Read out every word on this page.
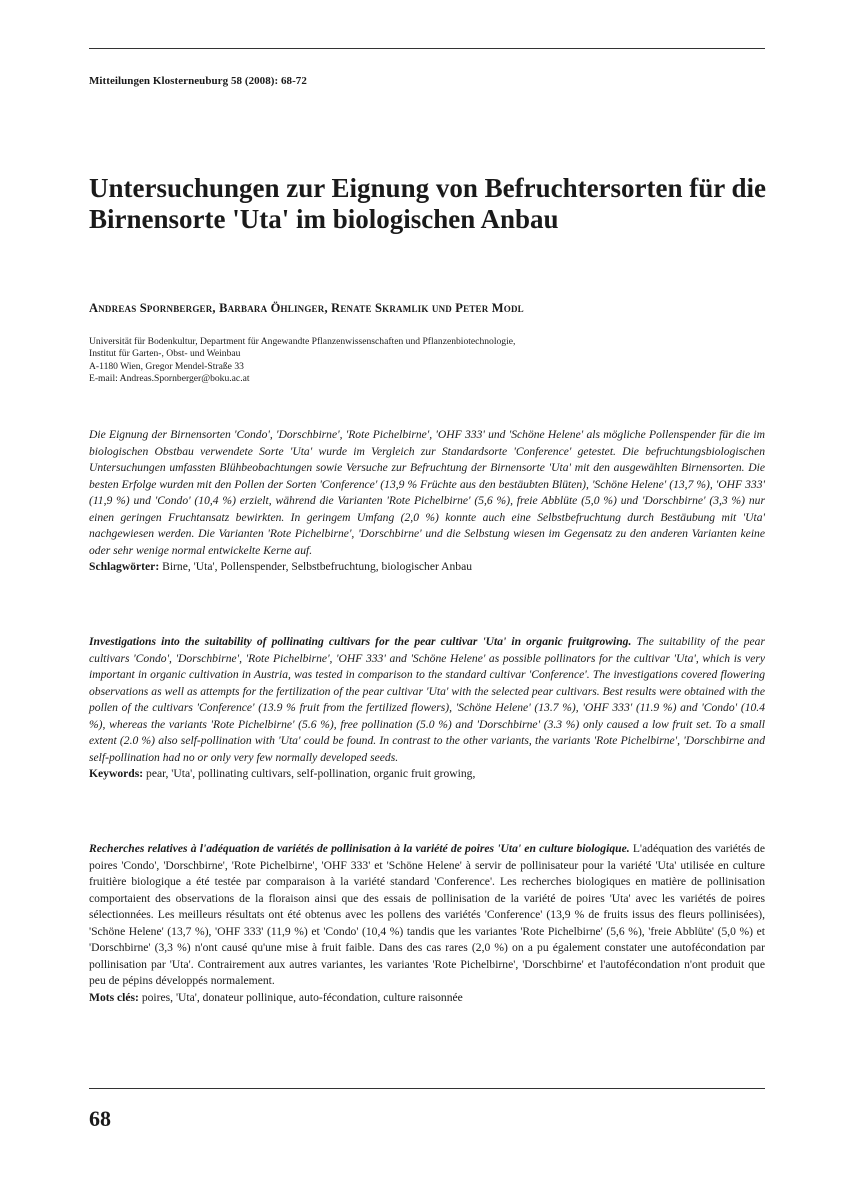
Mitteilungen Klosterneuburg 58 (2008): 68-72
Untersuchungen zur Eignung von Befruchtersorten für die Birnensorte 'Uta' im biologischen Anbau
Andreas Spornberger, Barbara Öhlinger, Renate Skramlik und Peter Modl
Universität für Bodenkultur, Department für Angewandte Pflanzenwissenschaften und Pflanzenbiotechnologie,
Institut für Garten-, Obst- und Weinbau
A-1180 Wien, Gregor Mendel-Straße 33
E-mail: Andreas.Spornberger@boku.ac.at

Die Eignung der Birnensorten 'Condo', 'Dorschbirne', 'Rote Pichelbirne', 'OHF 333' und 'Schöne Helene' als mögliche Pollenspender für die im biologischen Obstbau verwendete Sorte 'Uta' wurde im Vergleich zur Standardsorte 'Conference' getestet. Die befruchtungsbiologischen Untersuchungen umfassten Blühbeobachtungen sowie Versuche zur Befruchtung der Birnensorte 'Uta' mit den ausgewählten Birnensorten. Die besten Erfolge wurden mit den Pollen der Sorten 'Conference' (13,9 % Früchte aus den bestäubten Blüten), 'Schöne Helene' (13,7 %), 'OHF 333' (11,9 %) und 'Condo' (10,4 %) erzielt, während die Varianten 'Rote Pichelbirne' (5,6 %), freie Abblüte (5,0 %) und 'Dorschbirne' (3,3 %) nur einen geringen Fruchtansatz bewirkten. In geringem Umfang (2,0 %) konnte auch eine Selbstbefruchtung durch Bestäubung mit 'Uta' nachgewiesen werden. Die Varianten 'Rote Pichelbirne', 'Dorschbirne' und die Selbstung wiesen im Gegensatz zu den anderen Varianten keine oder sehr wenige normal entwickelte Kerne auf.

Schlagwörter: Birne, 'Uta', Pollenspender, Selbstbefruchtung, biologischer Anbau

Investigations into the suitability of pollinating cultivars for the pear cultivar 'Uta' in organic fruitgrowing. The suitability of the pear cultivars 'Condo', 'Dorschbirne', 'Rote Pichelbirne', 'OHF 333' and 'Schöne Helene' as possible pollinators for the cultivar 'Uta', which is very important in organic cultivation in Austria, was tested in comparison to the standard cultivar 'Conference'. The investigations covered flowering observations as well as attempts for the fertilization of the pear cultivar 'Uta' with the selected pear cultivars. Best results were obtained with the pollen of the cultivars 'Conference' (13.9 % fruit from the fertilized flowers), 'Schöne Helene' (13.7 %), 'OHF 333' (11.9 %) and 'Condo' (10.4 %), whereas the variants 'Rote Pichelbirne' (5.6 %), free pollination (5.0 %) and 'Dorschbirne' (3.3 %) only caused a low fruit set. To a small extent (2.0 %) also self-pollination with 'Uta' could be found. In contrast to the other variants, the variants 'Rote Pichelbirne', 'Dorschbirne and self-pollination had no or only very few normally developed seeds.

Keywords: pear, 'Uta', pollinating cultivars, self-pollination, organic fruit growing,

Recherches relatives à l'adéquation de variétés de pollinisation à la variété de poires 'Uta' en culture biologique. L'adéquation des variétés de poires 'Condo', 'Dorschbirne', 'Rote Pichelbirne', 'OHF 333' et 'Schöne Helene' à servir de pollinisateur pour la variété 'Uta' utilisée en culture fruitière biologique a été testée par comparaison à la variété standard 'Conference'. Les recherches biologiques en matière de pollinisation comportaient des observations de la floraison ainsi que des essais de pollinisation de la variété de poires 'Uta' avec les variétés de poires sélectionnées. Les meilleurs résultats ont été obtenus avec les pollens des variétés 'Conference' (13,9 % de fruits issus des fleurs pollinisées), 'Schöne Helene' (13,7 %), 'OHF 333' (11,9 %) et 'Condo' (10,4 %) tandis que les variantes 'Rote Pichelbirne' (5,6 %), 'freie Abblüte' (5,0 %) et 'Dorschbirne' (3,3 %) n'ont causé qu'une mise à fruit faible. Dans des cas rares (2,0 %) on a pu également constater une autofécondation par pollinisation par 'Uta'. Contrairement aux autres variantes, les variantes 'Rote Pichelbirne', 'Dorschbirne' et l'autofécondation n'ont produit que peu de pépins développés normalement.

Mots clés: poires, 'Uta', donateur pollinique, auto-fécondation, culture raisonnée

68
